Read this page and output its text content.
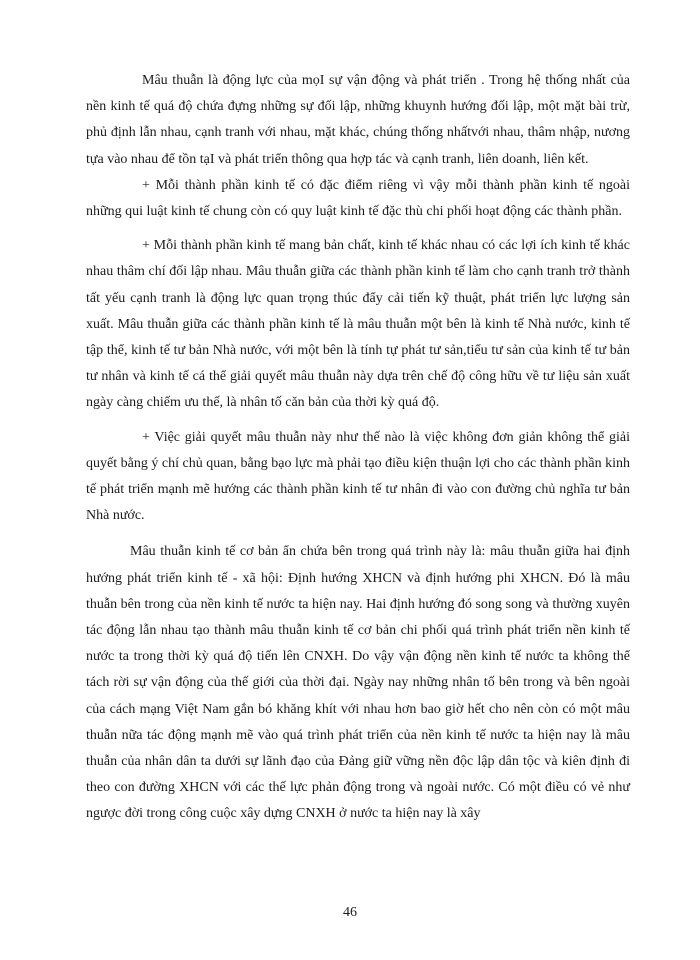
Mâu thuẫn là động lực của mọI sự vận động và phát triển . Trong hệ thống nhất của nền kinh tế quá độ chứa đựng những sự đối lập, những khuynh hướng đối lập, một mặt bài trừ, phủ định lẫn nhau, cạnh tranh với nhau, mặt khác, chúng thống nhấtvới nhau, thâm nhập, nương tựa vào nhau để tồn tạI và phát triển thông qua hợp tác và cạnh tranh, liên doanh, liên kết.

+ Mỗi thành phần kinh tế có đặc điểm riêng vì vậy mỗi thành phần kinh tế ngoài những qui luật kinh tế chung còn có quy luật kinh tế đặc thù chi phối hoạt động các thành phần.

+ Mỗi thành phần kinh tế mang bản chất, kinh tế khác nhau có các lợi ích kinh tế khác nhau thâm chí đối lập nhau. Mâu thuẫn giữa các thành phần kinh tế làm cho cạnh tranh trở thành tất yếu cạnh tranh là động lực quan trọng thúc đẩy cải tiến kỹ thuật, phát triển lực lượng sản xuất. Mâu thuẫn giữa các thành phần kinh tế là mâu thuẫn một bên là kinh tế Nhà nước, kinh tế tập thể, kinh tế tư bản Nhà nước, với một bên là tính tự phát tư sản,tiểu tư sản của kinh tế tư bản tư nhân và kinh tế cá thể giải quyết mâu thuẫn này dựa trên chế độ công hữu về tư liệu sản xuất ngày càng chiếm ưu thế, là nhân tố căn bản của thời kỳ quá độ.

+ Việc giải quyết mâu thuẫn này như thế nào là việc không đơn giản không thể giải quyết bằng ý chí chủ quan, bằng bạo lực mà phải tạo điều kiện thuận lợi cho các thành phần kinh tế phát triển mạnh mẽ hướng các thành phần kinh tế tư nhân đi vào con đường chủ nghĩa tư bản Nhà nước.

Mâu thuẫn kinh tế cơ bản ẩn chứa bên trong quá trình này là: mâu thuẫn giữa hai định hướng phát triển kinh tế - xã hội: Định hướng XHCN và định hướng phi XHCN. Đó là mâu thuẫn bên trong của nền kinh tế nước ta hiện nay. Hai định hướng đó song song và thường xuyên tác động lẫn nhau tạo thành mâu thuẫn kinh tế cơ bản chi phối quá trình phát triển nền kinh tế nước ta trong thời kỳ quá độ tiến lên CNXH. Do vậy vận động nền kinh tế nước ta không thể tách rời sự vận động của thế giới của thời đại. Ngày nay những nhân tố bên trong và bên ngoài của cách mạng Việt Nam gắn bó khăng khít với nhau hơn bao giờ hết cho nên còn có một mâu thuẫn nữa tác động mạnh mẽ vào quá trình phát triển của nền kinh tế nước ta hiện nay là mâu thuẫn của nhân dân ta dưới sự lãnh đạo của Đảng giữ vững nền độc lập dân tộc và kiên định đi theo con đường XHCN với các thế lực phản động trong và ngoài nước. Có một điều có vẻ như ngược đời trong công cuộc xây dựng CNXH ở nước ta hiện nay là xây

46
